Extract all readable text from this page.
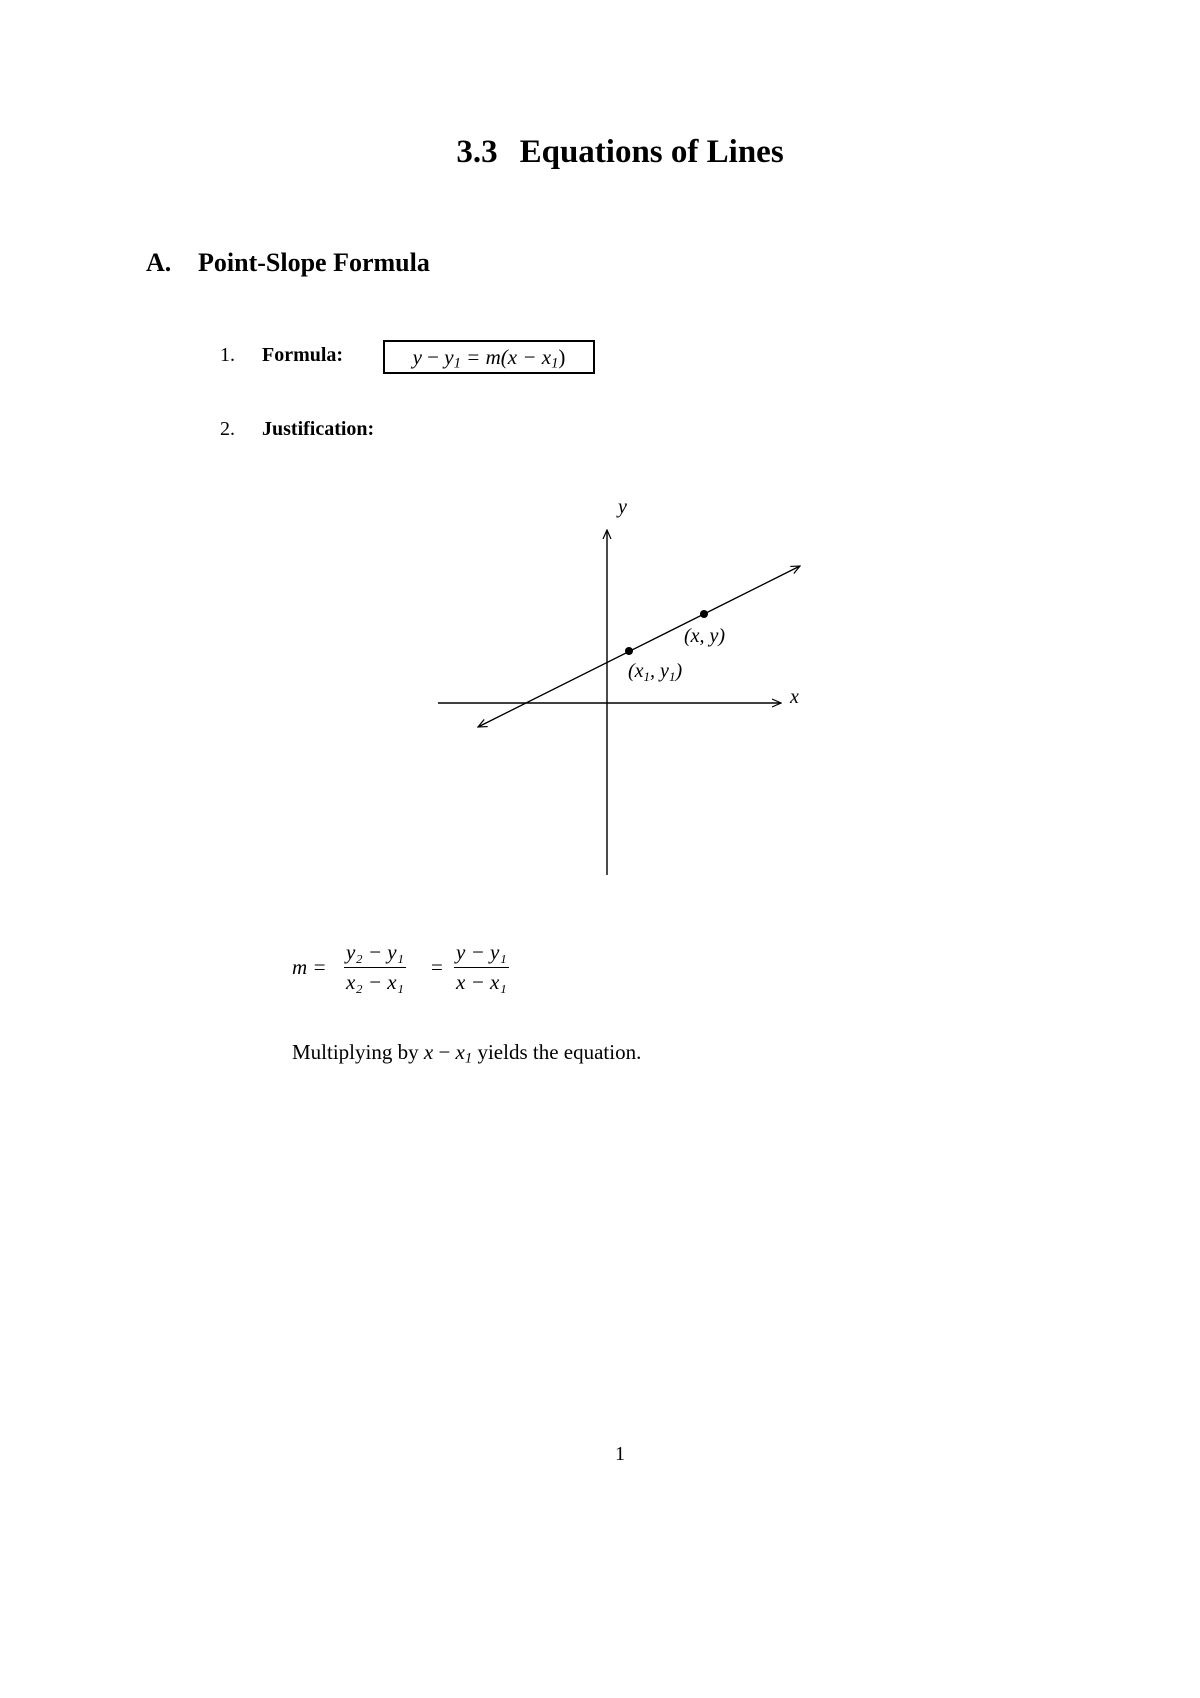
3.3 Equations of Lines
A. Point-Slope Formula
1. Formula:	$y - y_1 = m(x - x_1)$
2. Justification:
y
x
(x, y)
($x_1$, $y_1$)
$m = \frac{\text{y₂ − y₁}}{\text{x₂ − x₁}} = \frac{\text{y − y₁}}{\text{x − x₁}}$
Multiplying by $x - x_1$ yields the equation.
1
